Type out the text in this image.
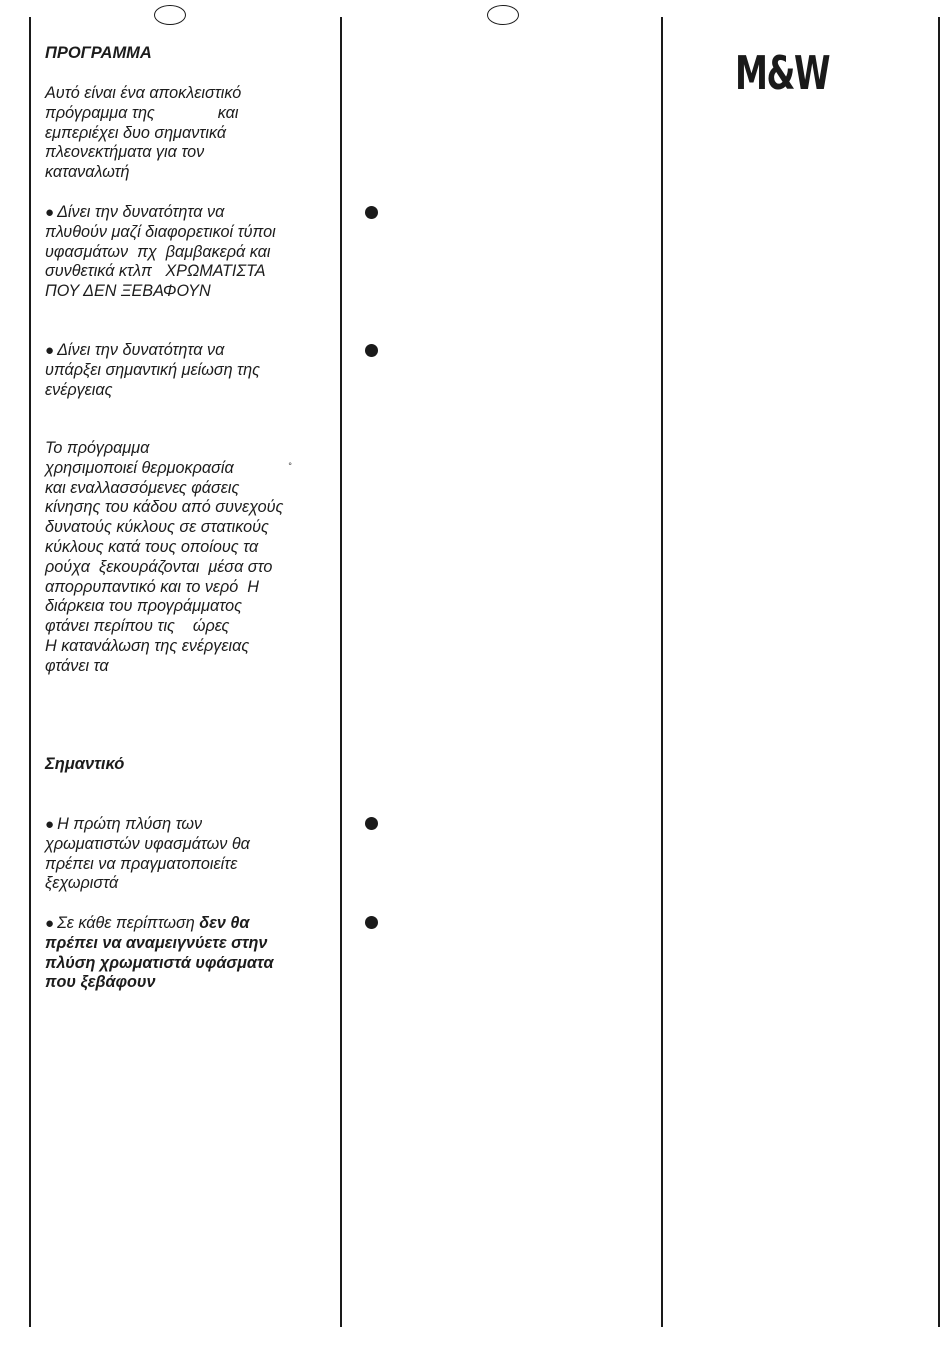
M&W
ΠΡΟΓΡΑΜΜΑ
Αυτό είναι ένα αποκλειστικό
πρόγραμμα της              και
εμπεριέχει δυο σημαντικά
πλεονεκτήματα για τον
καταναλωτή
● Δίνει την δυνατότητα να
πλυθούν μαζί διαφορετικοί τύποι
υφασμάτων  πχ  βαμβακερά και
συνθετικά κτλπ   ΧΡΩΜΑΤΙΣΤΑ
ΠΟΥ ΔΕΝ ΞΕΒΑΦΟΥΝ
● Δίνει την δυνατότητα να
υπάρξει σημαντική μείωση της
ενέργειας
Το πρόγραμμα
χρησιμοποιεί θερμοκρασία
και εναλλασσόμενες φάσεις
κίνησης του κάδου από συνεχούς
δυνατούς κύκλους σε στατικούς
κύκλους κατά τους οποίους τα
ρούχα  ξεκουράζονται  μέσα στο
απορρυπαντικό και το νερό  Η
διάρκεια του προγράμματος
φτάνει περίπου τις    ώρες
Η κατανάλωση της ενέργειας
φτάνει τα
°
Σημαντικό
● Η πρώτη πλύση των
χρωματιστών υφασμάτων θα
πρέπει να πραγματοποιείτε
ξεχωριστά
● Σε κάθε περίπτωση δεν θα
πρέπει να αναμειγνύετε στην
πλύση χρωματιστά υφάσματα
που ξεβάφουν
